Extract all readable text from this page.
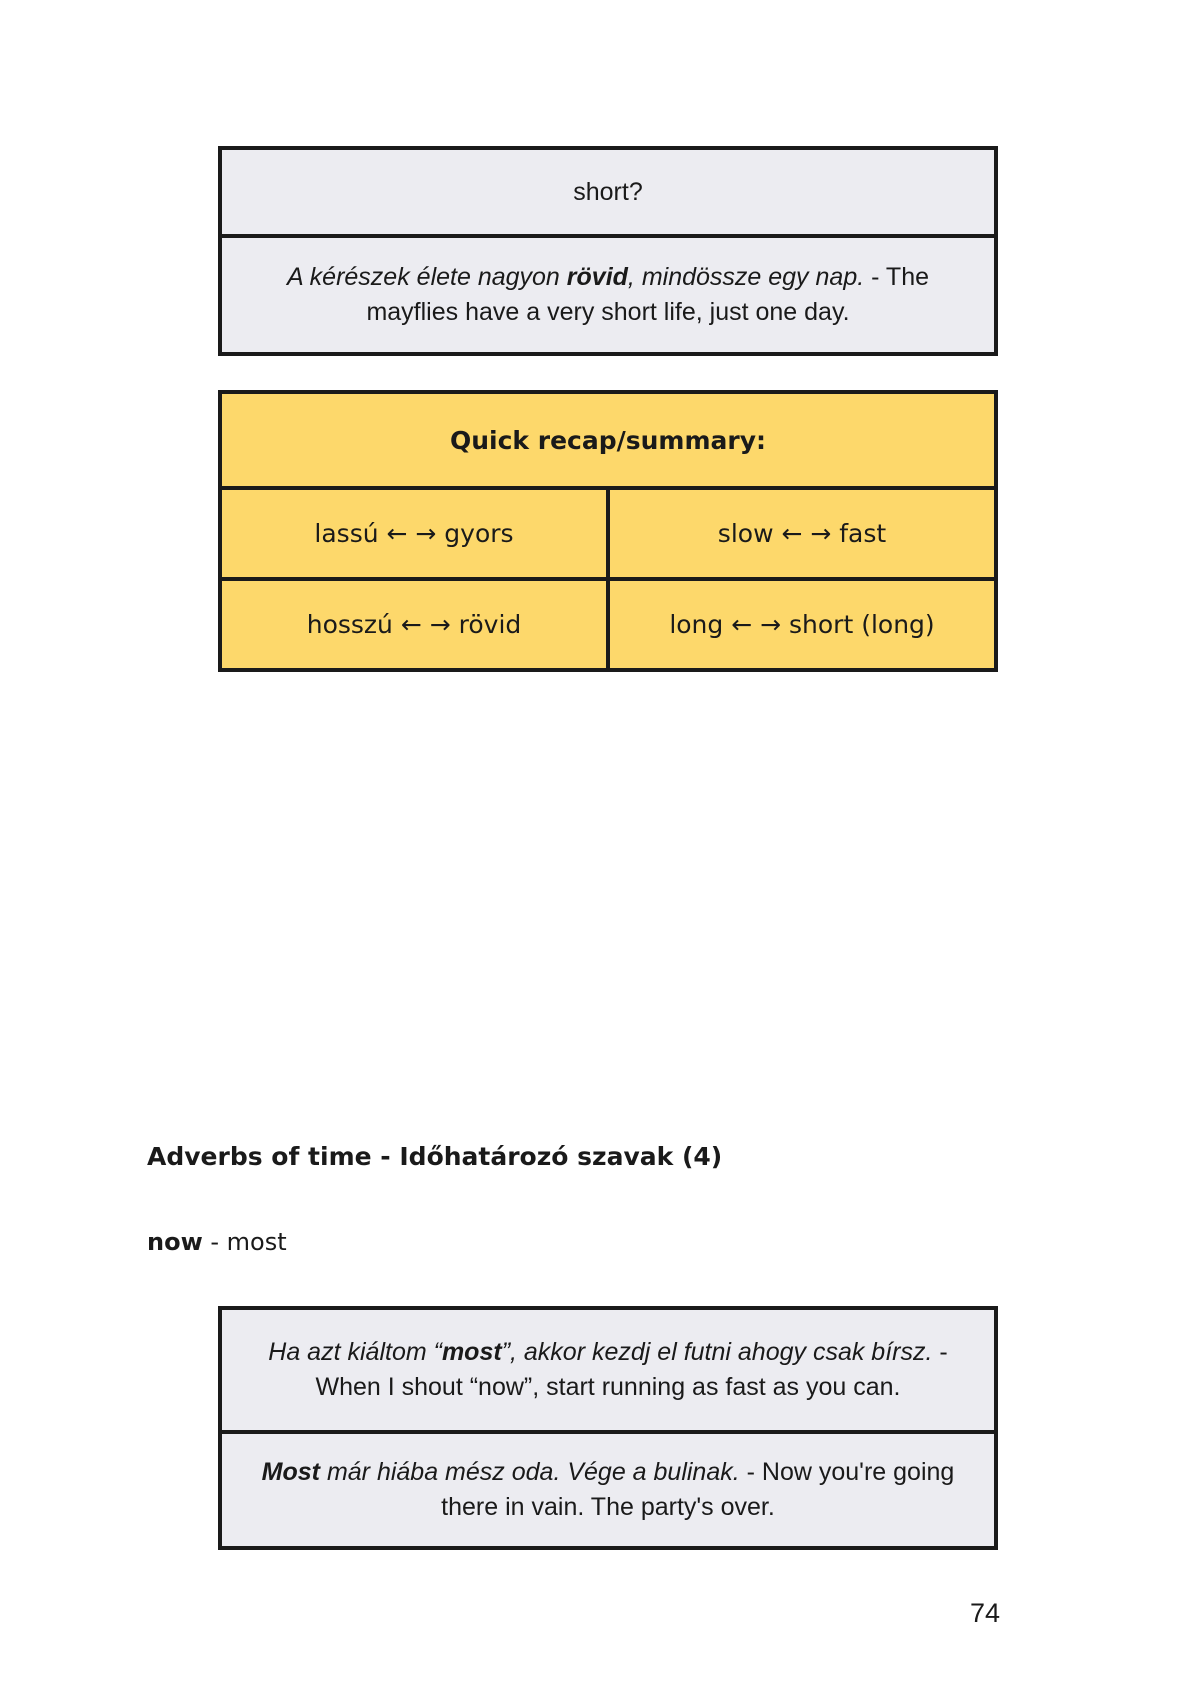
short?
A kérészek élete nagyon rövid, mindössze egy nap. - The mayflies have a very short life, just one day.
Quick recap/summary:
lassú ← → gyors	slow ← → fast
hosszú ← → rövid	long ← → short (long)
Adverbs of time - Időhatározó szavak (4)
now - most
Ha azt kiáltom “most”, akkor kezdj el futni ahogy csak bírsz. - When I shout “now”, start running as fast as you can.
Most már hiába mész oda. Vége a bulinak. - Now you're going there in vain. The party's over.
74
